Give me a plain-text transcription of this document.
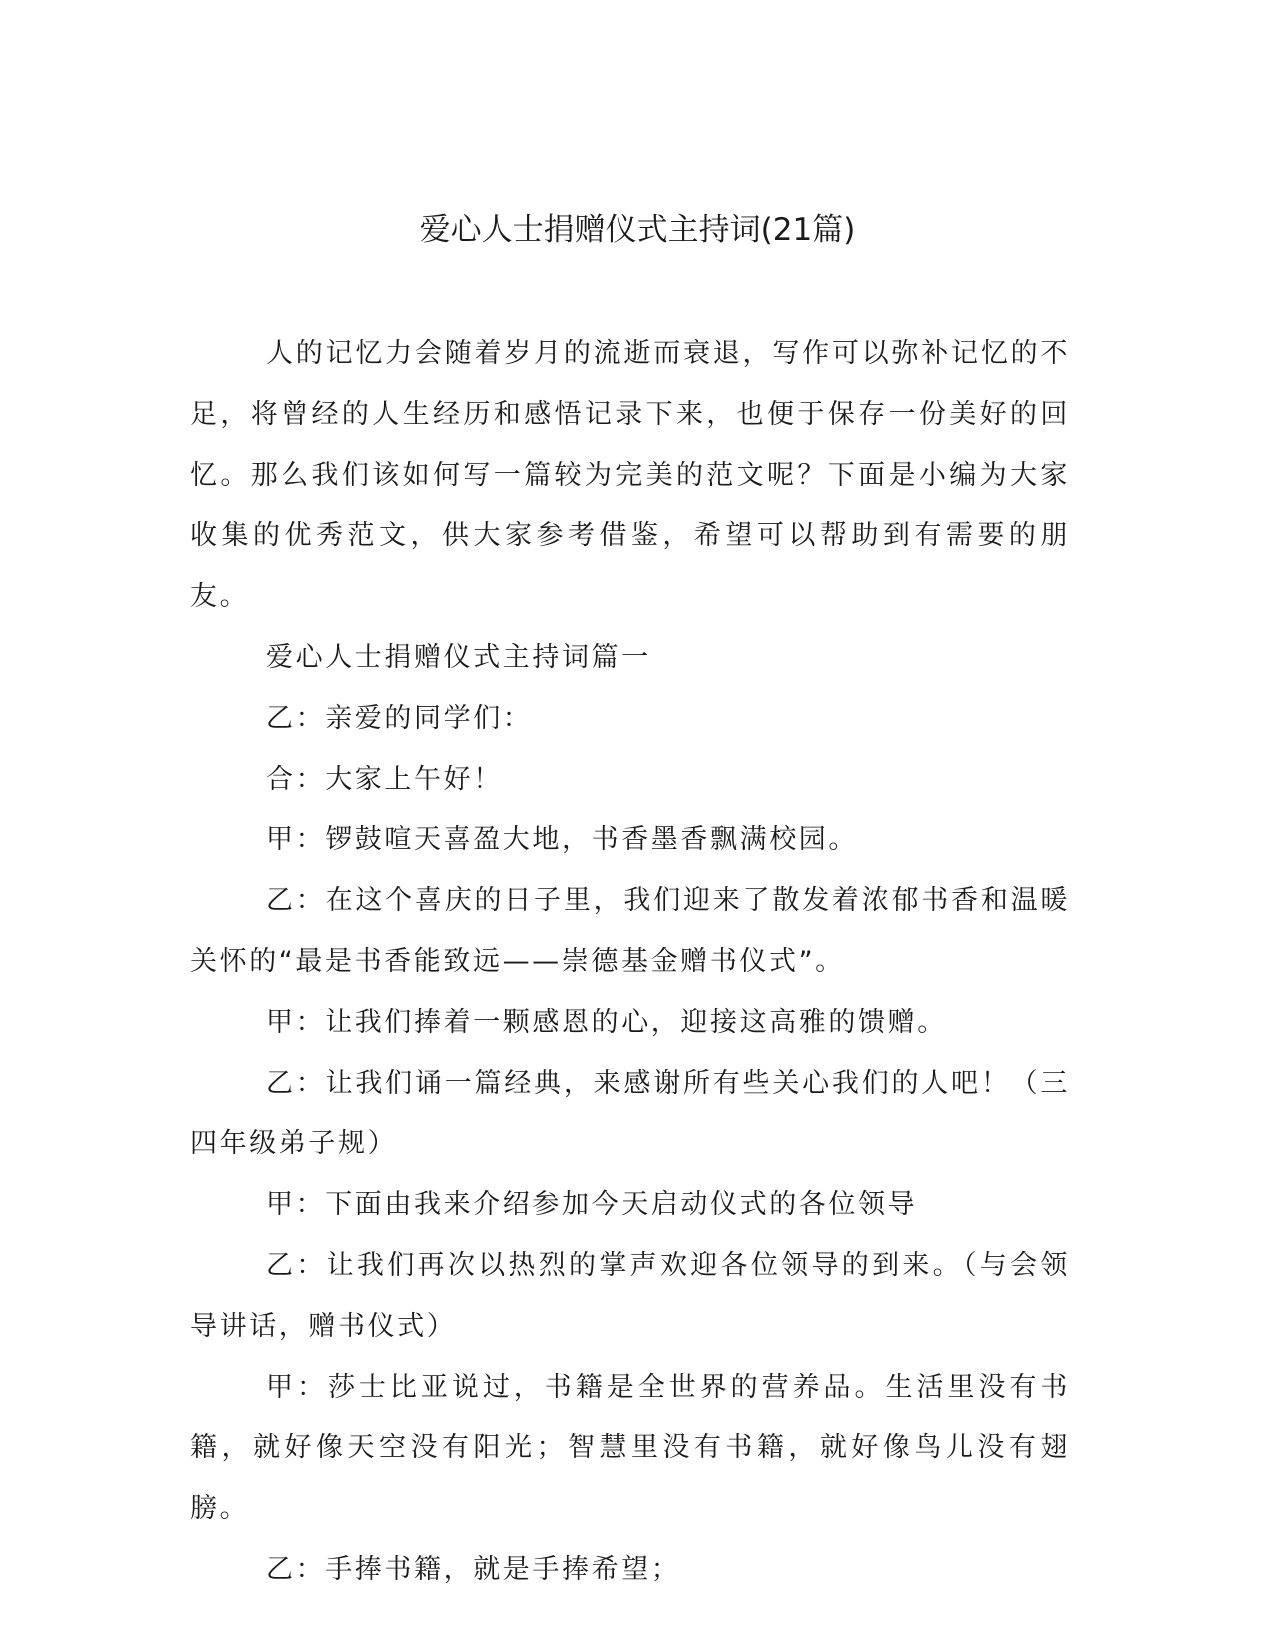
爱心人士捐赠仪式主持词(21篇)

人的记忆力会随着岁月的流逝而衰退，写作可以弥补记忆的不足，将曾经的人生经历和感悟记录下来，也便于保存一份美好的回忆。那么我们该如何写一篇较为完美的范文呢？下面是小编为大家收集的优秀范文，供大家参考借鉴，希望可以帮助到有需要的朋友。

爱心人士捐赠仪式主持词篇一

乙：亲爱的同学们：

合：大家上午好！

甲：锣鼓喧天喜盈大地，书香墨香飘满校园。

乙：在这个喜庆的日子里，我们迎来了散发着浓郁书香和温暖关怀的“最是书香能致远——崇德基金赠书仪式”。

甲：让我们捧着一颗感恩的心，迎接这高雅的馈赠。

乙：让我们诵一篇经典，来感谢所有些关心我们的人吧！（三四年级弟子规）

甲：下面由我来介绍参加今天启动仪式的各位领导

乙：让我们再次以热烈的掌声欢迎各位领导的到来。（与会领导讲话，赠书仪式）

甲：莎士比亚说过，书籍是全世界的营养品。生活里没有书籍，就好像天空没有阳光；智慧里没有书籍，就好像鸟儿没有翅膀。

乙：手捧书籍，就是手捧希望；
